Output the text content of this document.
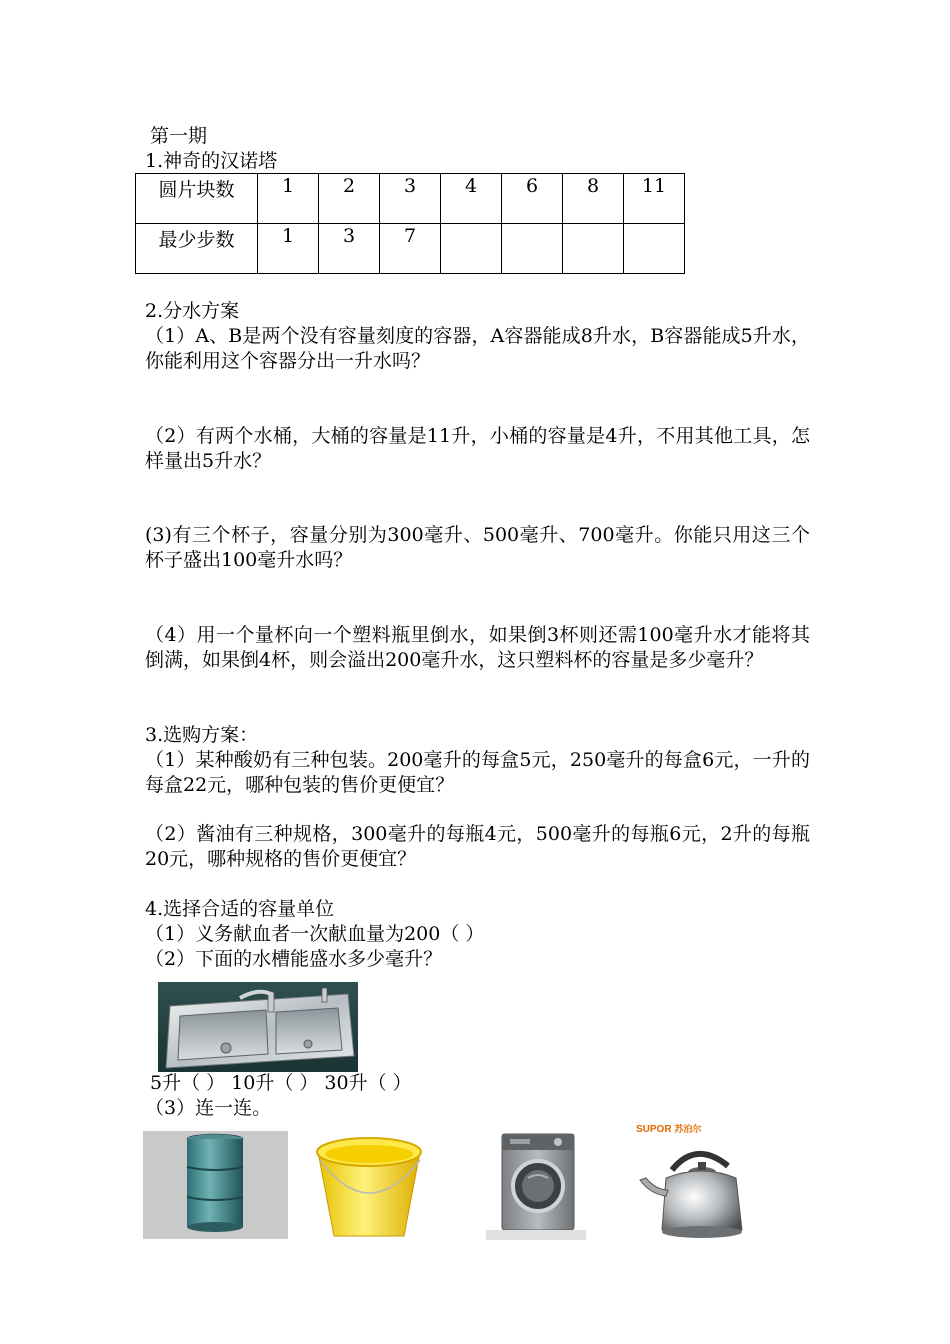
第一期
1.神奇的汉诺塔
圆片块数	1	2	3	4	6	8	11
最少步数	1	3	7				
2.分水方案
（1）A、B是两个没有容量刻度的容器，A容器能成8升水，B容器能成5升水，你能利用这个容器分出一升水吗？
（2）有两个水桶，大桶的容量是11升，小桶的容量是4升，不用其他工具，怎样量出5升水？
(3)有三个杯子，容量分别为300毫升、500毫升、700毫升。你能只用这三个杯子盛出100毫升水吗？
（4）用一个量杯向一个塑料瓶里倒水，如果倒3杯则还需100毫升水才能将其倒满，如果倒4杯，则会溢出200毫升水，这只塑料杯的容量是多少毫升？
3.选购方案：
（1）某种酸奶有三种包装。200毫升的每盒5元，250毫升的每盒6元，一升的每盒22元，哪种包装的售价更便宜？
（2）酱油有三种规格，300毫升的每瓶4元，500毫升的每瓶6元，2升的每瓶20元，哪种规格的售价更便宜？
4.选择合适的容量单位
（1）义务献血者一次献血量为200（ ）
（2）下面的水槽能盛水多少毫升？
5升（ ） 10升（ ） 30升（ ）
（3）连一连。
SUPOR 苏泊尔
